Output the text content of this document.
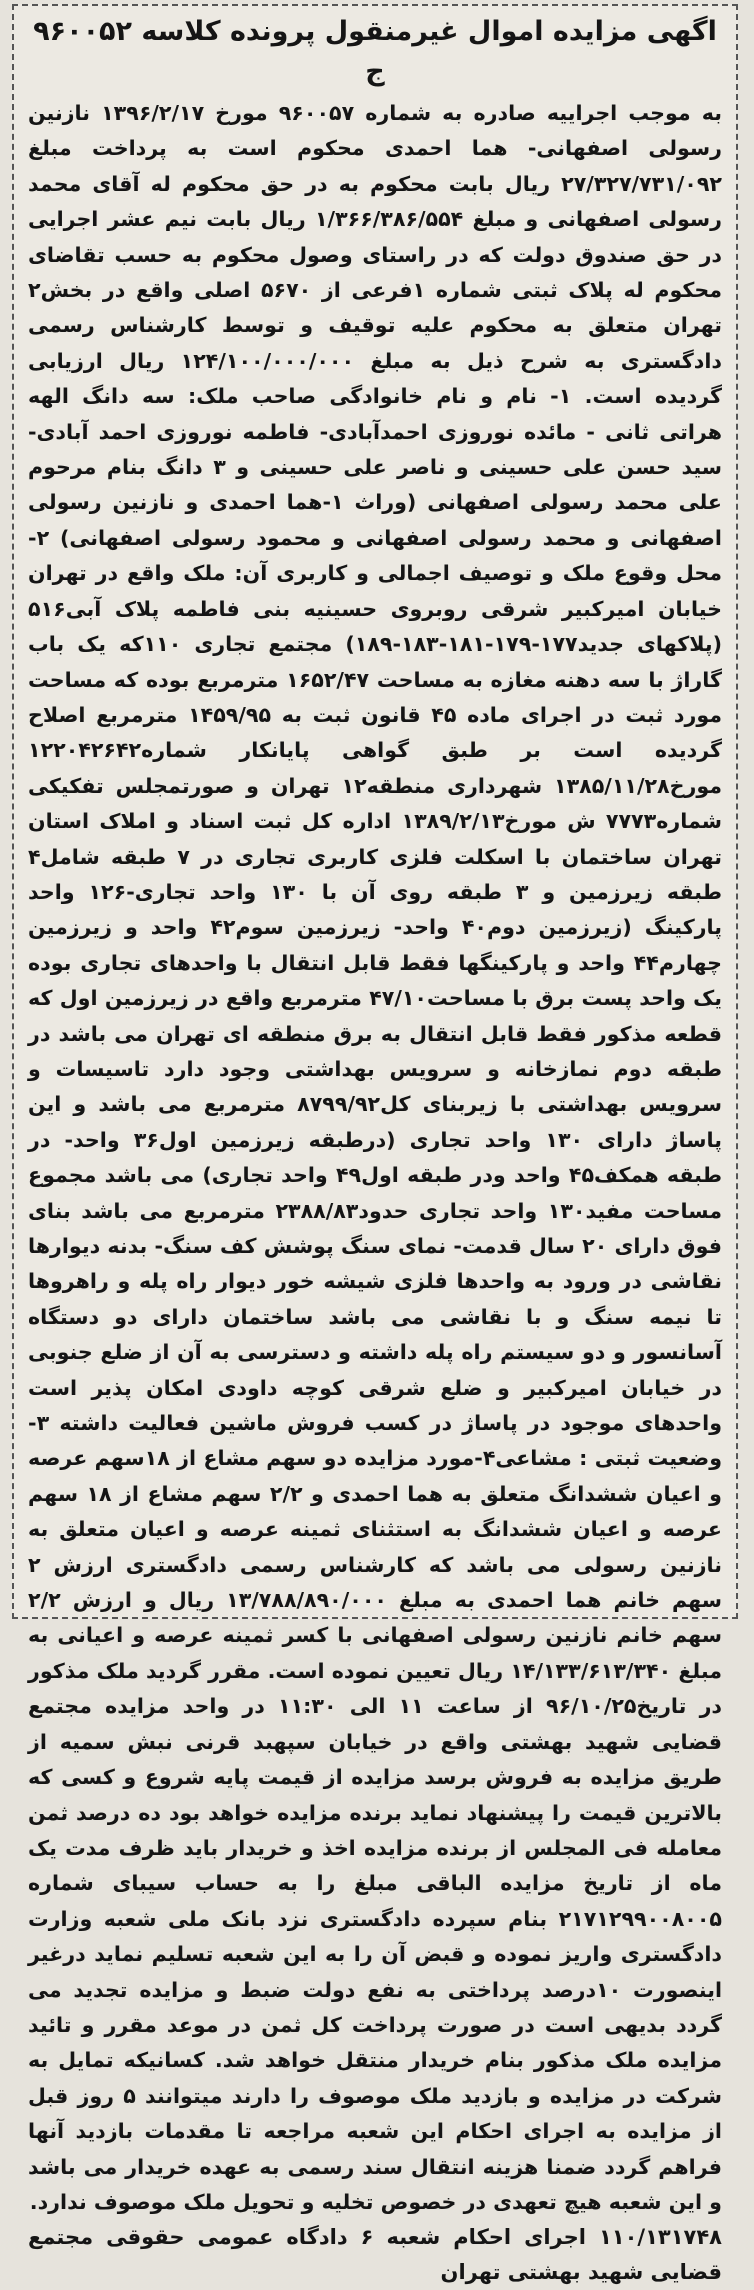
اگهی مزایده اموال غیرمنقول پرونده کلاسه ۹۶۰۰۵۲ ج

به موجب اجراییه صادره به شماره ۹۶۰۰۵۷ مورخ ۱۳۹۶/۲/۱۷ نازنین رسولی اصفهانی- هما احمدی محکوم است به پرداخت مبلغ ۲۷/۳۲۷/۷۳۱/۰۹۲ ریال بابت محکوم به در حق محکوم له آقای محمد رسولی اصفهانی و مبلغ ۱/۳۶۶/۳۸۶/۵۵۴ ریال بابت نیم عشر اجرایی در حق صندوق دولت که در راستای وصول محکوم به حسب تقاضای محکوم له پلاک ثبتی شماره ۱فرعی از ۵۶۷۰ اصلی واقع در بخش۲ تهران متعلق به محکوم علیه توقیف و توسط کارشناس رسمی دادگستری به شرح ذیل به مبلغ ۱۲۴/۱۰۰/۰۰۰/۰۰۰ ریال ارزیابی گردیده است. ۱- نام و نام خانوادگی صاحب ملک: سه دانگ الهه هراتی ثانی - مائده نوروزی احمدآبادی- فاطمه نوروزی احمد آبادی- سید حسن علی حسینی و ناصر علی حسینی و ۳ دانگ بنام مرحوم علی محمد رسولی اصفهانی (وراث ۱-هما احمدی و نازنین رسولی اصفهانی و محمد رسولی اصفهانی و محمود رسولی اصفهانی) ۲- محل وقوع ملک و توصیف اجمالی و کاربری آن: ملک واقع در تهران خیابان امیرکبیر شرقی روبروی حسینیه بنی فاطمه پلاک آبی۵۱۶ (پلاکهای جدید۱۷۷-۱۷۹-۱۸۱-۱۸۳-۱۸۹) مجتمع تجاری ۱۱۰که یک باب گاراژ با سه دهنه مغازه به مساحت ۱۶۵۲/۴۷ مترمربع بوده که مساحت مورد ثبت در اجرای ماده ۴۵ قانون ثبت به ۱۴۵۹/۹۵ مترمربع اصلاح گردیده است بر طبق گواهی پایانکار شماره۱۲۲۰۴۲۶۴۲ مورخ۱۳۸۵/۱۱/۲۸ شهرداری منطقه۱۲ تهران و صورتمجلس تفکیکی شماره۷۷۷۳ ش مورخ۱۳۸۹/۲/۱۳ اداره کل ثبت اسناد و املاک استان تهران ساختمان با اسکلت فلزی کاربری تجاری در ۷ طبقه شامل۴ طبقه زیرزمین و ۳ طبقه روی آن با ۱۳۰ واحد تجاری-۱۲۶ واحد پارکینگ (زیرزمین دوم۴۰ واحد- زیرزمین سوم۴۲ واحد و زیرزمین چهارم۴۴ واحد و پارکینگها فقط قابل انتقال با واحدهای تجاری بوده یک واحد پست برق با مساحت۴۷/۱۰ مترمربع واقع در زیرزمین اول که قطعه مذکور فقط قابل انتقال به برق منطقه ای تهران می باشد در طبقه دوم نمازخانه و سرویس بهداشتی وجود دارد تاسیسات و سرویس بهداشتی با زیربنای کل۸۷۹۹/۹۲ مترمربع می باشد و این پاساژ دارای ۱۳۰ واحد تجاری (درطبقه زیرزمین اول۳۶ واحد- در طبقه همکف۴۵ واحد ودر طبقه اول۴۹ واحد تجاری) می باشد مجموع مساحت مفید۱۳۰ واحد تجاری حدود۲۳۸۸/۸۳ مترمربع می باشد بنای فوق دارای ۲۰ سال قدمت- نمای سنگ پوشش کف سنگ- بدنه دیوارها نقاشی در ورود به واحدها فلزی شیشه خور دیوار راه پله و راهروها تا نیمه سنگ و با نقاشی می باشد ساختمان دارای دو دستگاه آسانسور و دو سیستم راه پله داشته و دسترسی به آن از ضلع جنوبی در خیابان امیرکبیر و ضلع شرقی کوچه داودی امکان پذیر است واحدهای موجود در پاساژ در کسب فروش ماشین فعالیت داشته ۳-وضعیت ثبتی : مشاعی۴-مورد مزایده دو سهم مشاع از ۱۸سهم عرصه و اعیان ششدانگ متعلق به هما احمدی و ۲/۲ سهم مشاع از ۱۸ سهم عرصه و اعیان ششدانگ به استثنای ثمینه عرصه و اعیان متعلق به نازنین رسولی می باشد که کارشناس رسمی دادگستری ارزش ۲ سهم خانم هما احمدی به مبلغ ۱۳/۷۸۸/۸۹۰/۰۰۰ ریال و ارزش ۲/۲ سهم خانم نازنین رسولی اصفهانی با کسر ثمینه عرصه و اعیانی به مبلغ ۱۴/۱۳۳/۶۱۳/۳۴۰ ریال تعیین نموده است. مقرر گردید ملک مذکور در تاریخ۹۶/۱۰/۲۵ از ساعت ۱۱ الی ۱۱:۳۰ در واحد مزایده مجتمع قضایی شهید بهشتی واقع در خیابان سپهبد قرنی نبش سمیه از طریق مزایده به فروش برسد مزایده از قیمت پایه شروع و کسی که بالاترین قیمت را پیشنهاد نماید برنده مزایده خواهد بود ده درصد ثمن معامله فی المجلس از برنده مزایده اخذ و خریدار باید ظرف مدت یک ماه از تاریخ مزایده الباقی مبلغ را به حساب سیبای شماره ۲۱۷۱۲۹۹۰۰۸۰۰۵ بنام سپرده دادگستری نزد بانک ملی شعبه وزارت دادگستری واریز نموده و قبض آن را به این شعبه تسلیم نماید درغیر اینصورت ۱۰درصد پرداختی به نفع دولت ضبط و مزایده تجدید می گردد بدیهی است در صورت پرداخت کل ثمن در موعد مقرر و تائید مزایده ملک مذکور بنام خریدار منتقل خواهد شد. کسانیکه تمایل به شرکت در مزایده و بازدید ملک موصوف را دارند میتوانند ۵ روز قبل از مزایده به اجرای احکام این شعبه مراجعه تا مقدمات بازدید آنها فراهم گردد ضمنا هزینه انتقال سند رسمی به عهده خریدار می باشد و این شعبه هیچ تعهدی در خصوص تخلیه و تحویل ملک موصوف ندارد.

۱۱۰/۱۳۱۷۴۸ اجرای احکام شعبه ۶ دادگاه عمومی حقوقی مجتمع قضایی شهید بهشتی تهران
